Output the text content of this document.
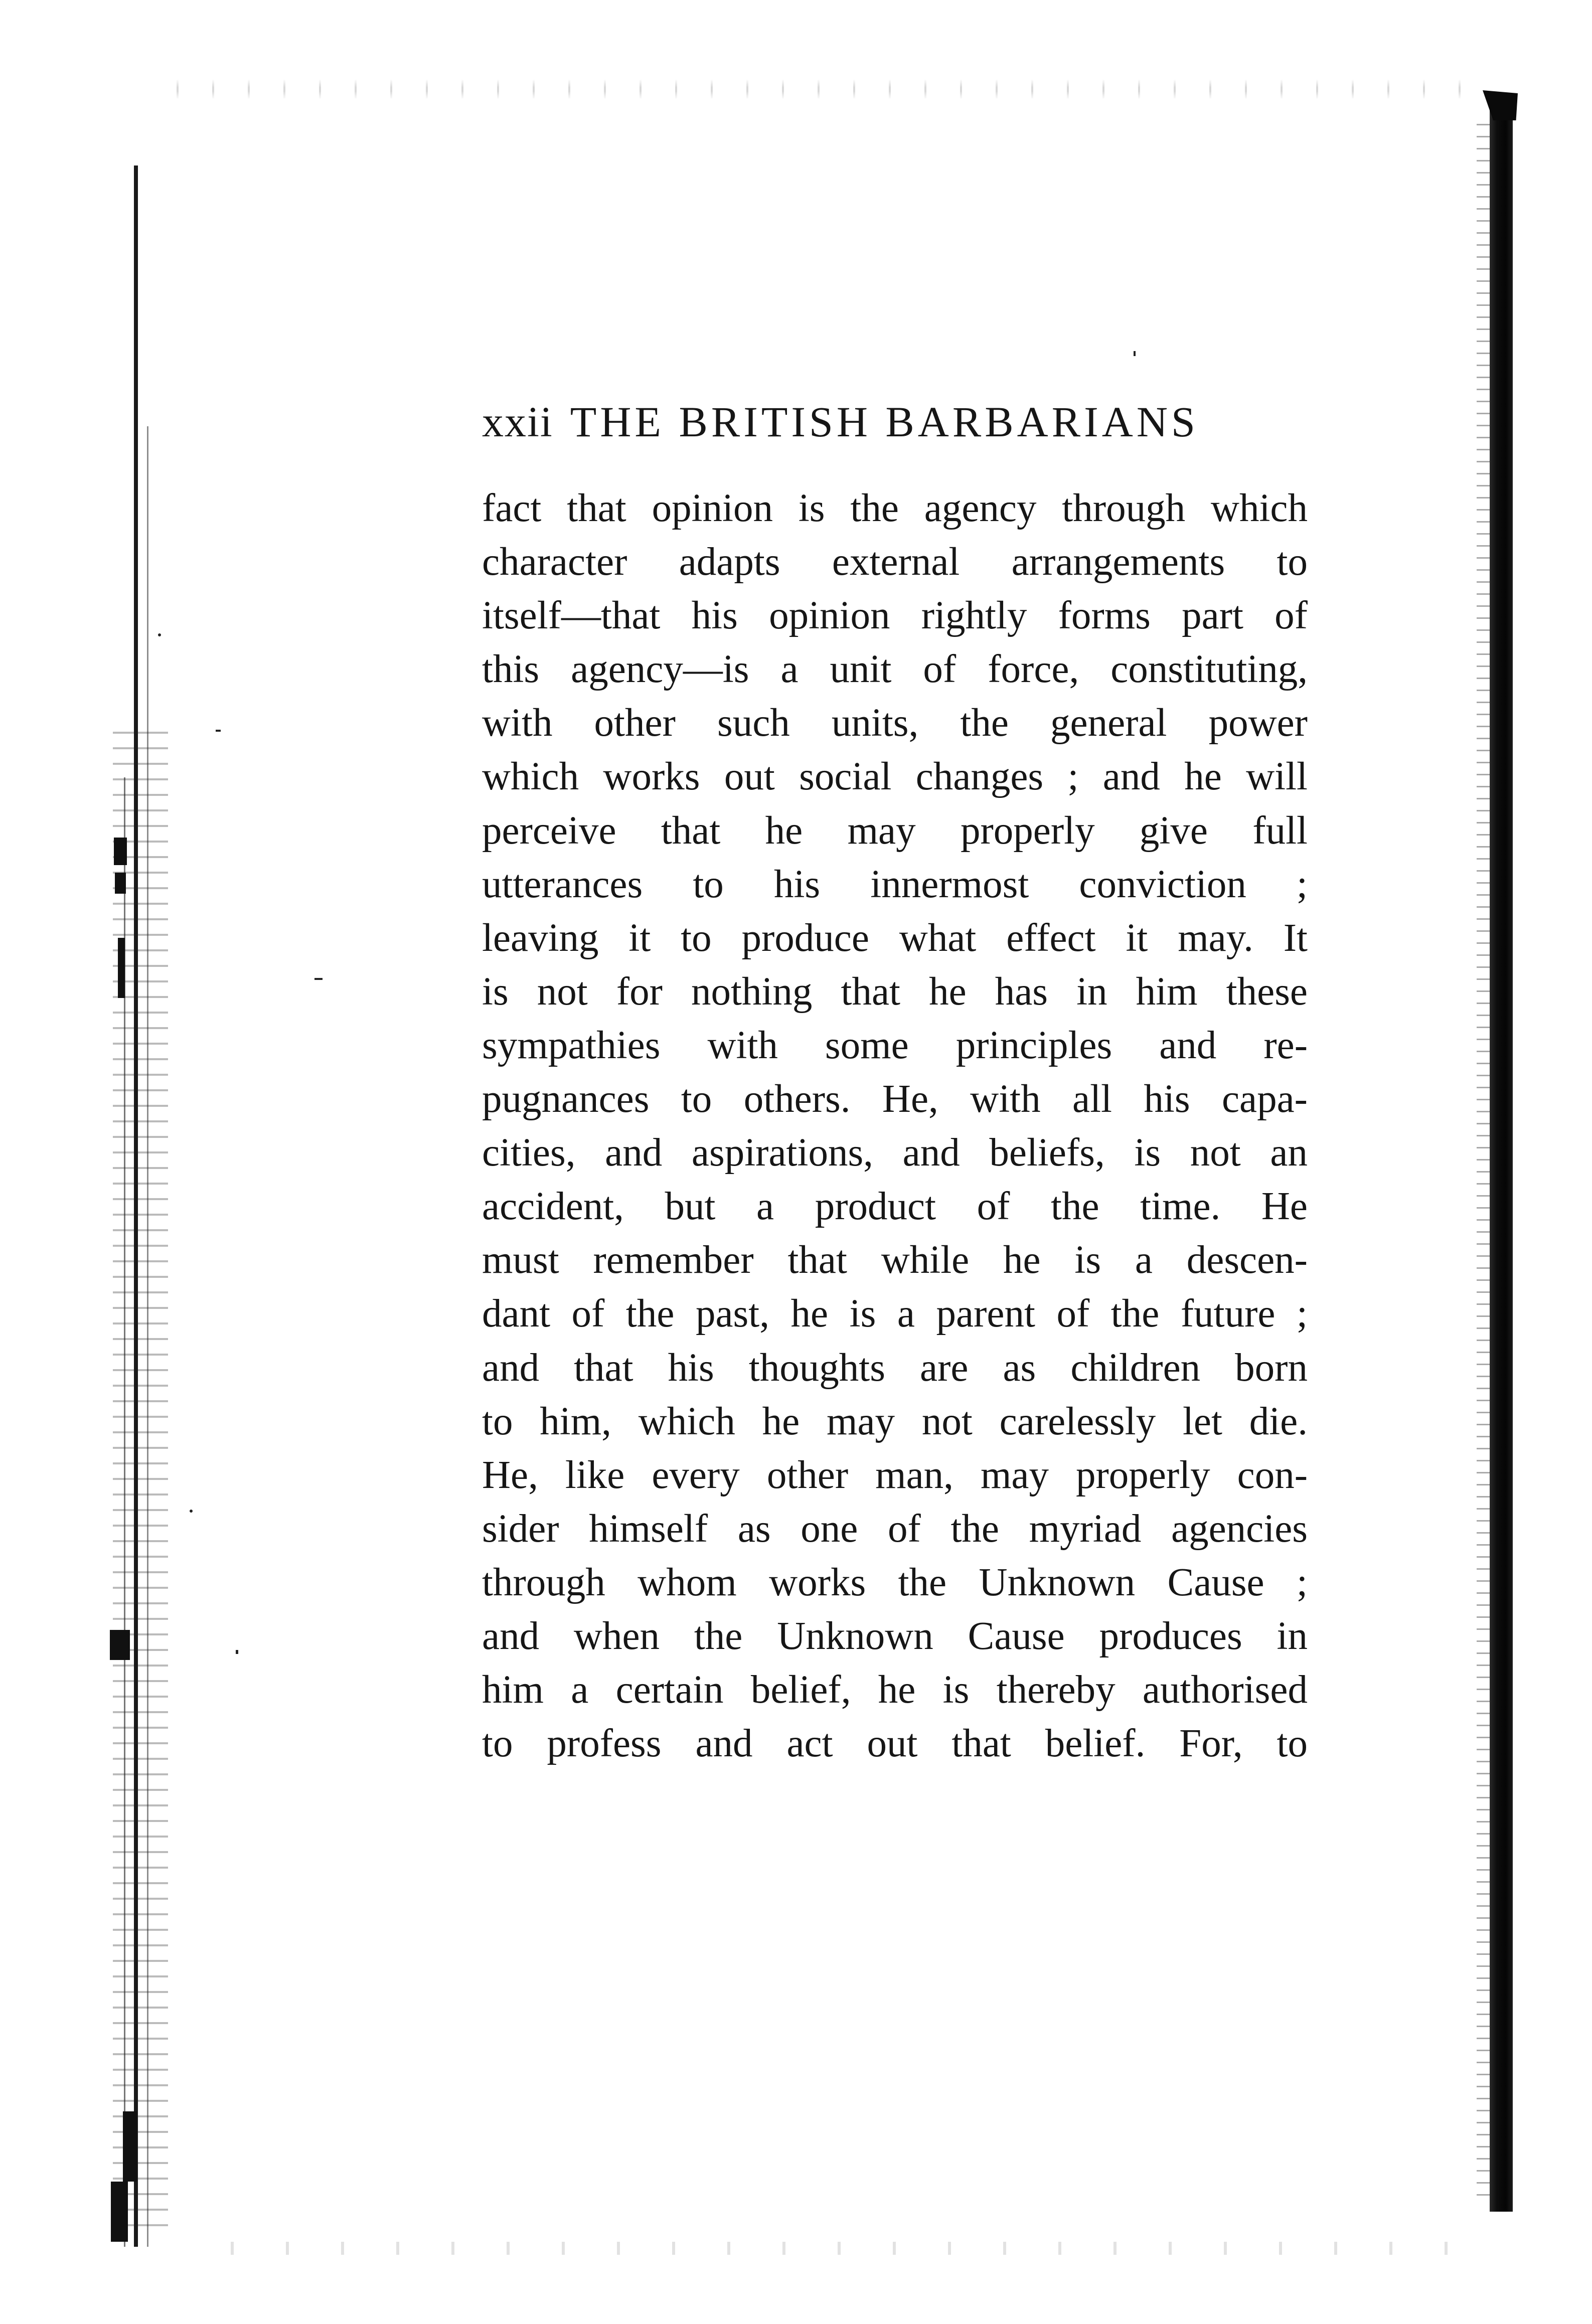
xxii THE BRITISH BARBARIANS
fact that opinion is the agency through which
character adapts external arrangements to
itself—that his opinion rightly forms part of
this agency—is a unit of force, constituting,
with other such units, the general power
which works out social changes ; and he will
perceive that he may properly give full
utterances to his innermost conviction ;
leaving it to produce what effect it may. It
is not for nothing that he has in him these
sympathies with some principles and re-
pugnances to others. He, with all his capa-
cities, and aspirations, and beliefs, is not an
accident, but a product of the time. He
must remember that while he is a descen-
dant of the past, he is a parent of the future ;
and that his thoughts are as children born
to him, which he may not carelessly let die.
He, like every other man, may properly con-
sider himself as one of the myriad agencies
through whom works the Unknown Cause ;
and when the Unknown Cause produces in
him a certain belief, he is thereby authorised
to profess and act out that belief. For, to
